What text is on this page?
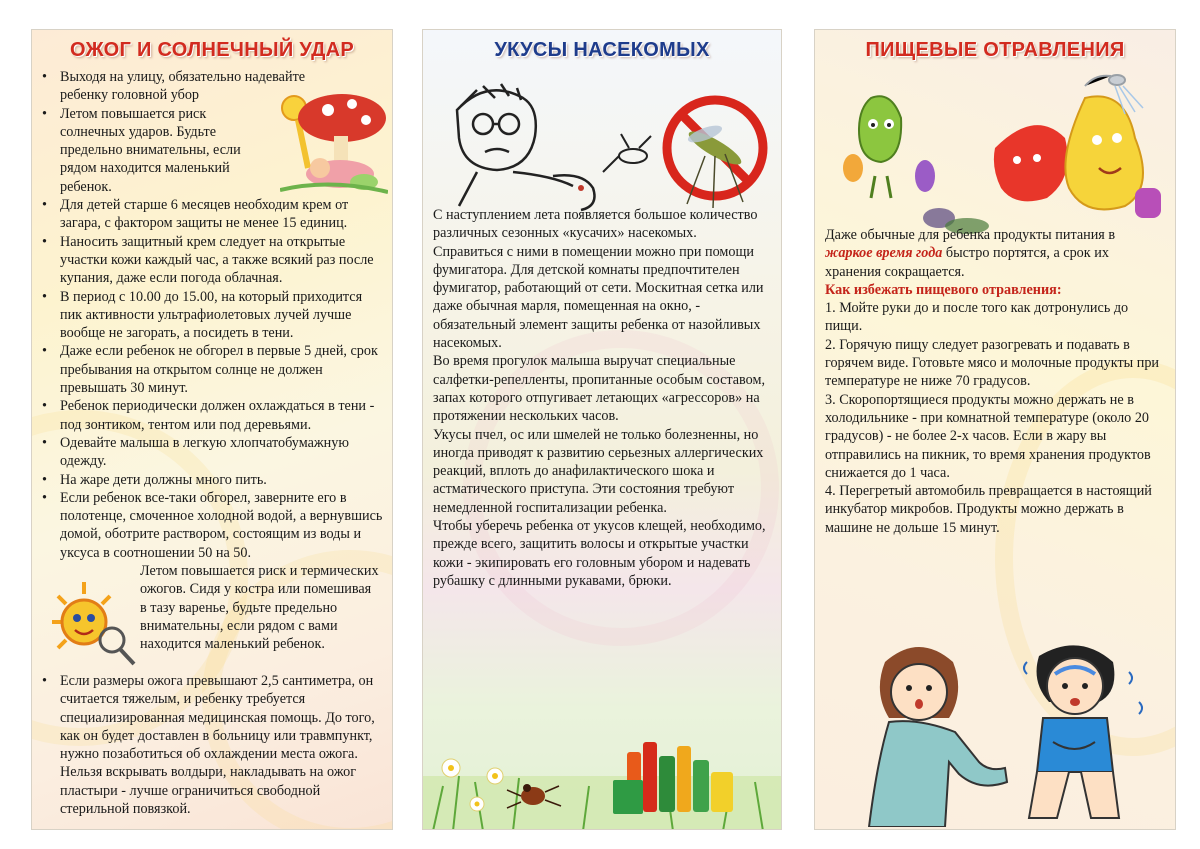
ОЖОГ И СОЛНЕЧНЫЙ УДАР
• Выходя на улицу, обязательно надевайте ребенку головной убор
• Летом повышается риск солнечных ударов. Будьте предельно внимательны, если рядом находится маленький ребенок.
• Для детей старше 6 месяцев необходим крем от загара, с фактором защиты не менее 15 единиц.
• Наносить защитный крем следует на открытые участки кожи каждый час, а также всякий раз после купания, даже если погода облачная.
• В период с 10.00 до 15.00, на который приходится пик активности ультрафиолетовых лучей лучше вообще не загорать, а посидеть в тени.
• Даже если ребенок не обгорел в первые 5 дней, срок пребывания на открытом солнце не должен превышать 30 минут.
• Ребенок периодически должен охлаждаться в тени - под зонтиком, тентом или под деревьями.
• Одевайте малыша в легкую хлопчатобумажную одежду.
• На жаре дети должны много пить.
• Если ребенок все-таки обгорел, заверните его в полотенце, смоченное холодной водой, а вернувшись домой, оботрите раствором, состоящим из воды и уксуса в соотношении 50 на 50.

Летом повышается риск и термических ожогов. Сидя у костра или помешивая в тазу варенье, будьте предельно внимательны, если рядом с вами находится маленький ребенок.

• Если размеры ожога превышают 2,5 сантиметра, он считается тяжелым, и ребенку требуется специализированная медицинская помощь. До того, как он будет доставлен в больницу или травмпункт, нужно позаботиться об охлаждении места ожога. Нельзя вскрывать волдыри, накладывать на ожог пластыри - лучше ограничиться свободной стерильной повязкой.
УКУСЫ НАСЕКОМЫХ

С наступлением лета появляется большое количество различных сезонных «кусачих» насекомых.

Справиться с ними в помещении можно при помощи фумигатора. Для детской комнаты предпочтителен фумигатор, работающий от сети. Москитная сетка или даже обычная марля, помещенная на окно, - обязательный элемент защиты ребенка от назойливых насекомых.

Во время прогулок малыша выручат специальные салфетки-репелленты, пропитанные особым составом, запах которого отпугивает летающих «агрессоров» на протяжении нескольких часов.

Укусы пчел, ос или шмелей не только болезненны, но иногда приводят к развитию серьезных аллергических реакций, вплоть до анафилактического шока и астматического приступа. Эти состояния требуют немедленной госпитализации ребенка.

Чтобы уберечь ребенка от укусов клещей, необходимо, прежде всего, защитить волосы и открытые участки кожи - экипировать его головным убором и надевать рубашку с длинными рукавами, брюки.

ПИЩЕВЫЕ ОТРАВЛЕНИЯ

Даже обычные для ребенка продукты питания в жаркое время года быстро портятся, а срок их хранения сокращается.

Как избежать пищевого отравления:

1. Мойте руки до и после того как дотронулись до пищи.

2. Горячую пищу следует разогревать и подавать в горячем виде. Готовьте мясо и молочные продукты при температуре не ниже 70 градусов.

3. Скоропортящиеся продукты можно держать не в холодильнике - при комнатной температуре (около 20 градусов) - не более 2-х часов. Если в жару вы отправились на пикник, то время хранения продуктов снижается до 1 часа.

4. Перегретый автомобиль превращается в настоящий инкубатор микробов. Продукты можно держать в машине не дольше 15 минут.
